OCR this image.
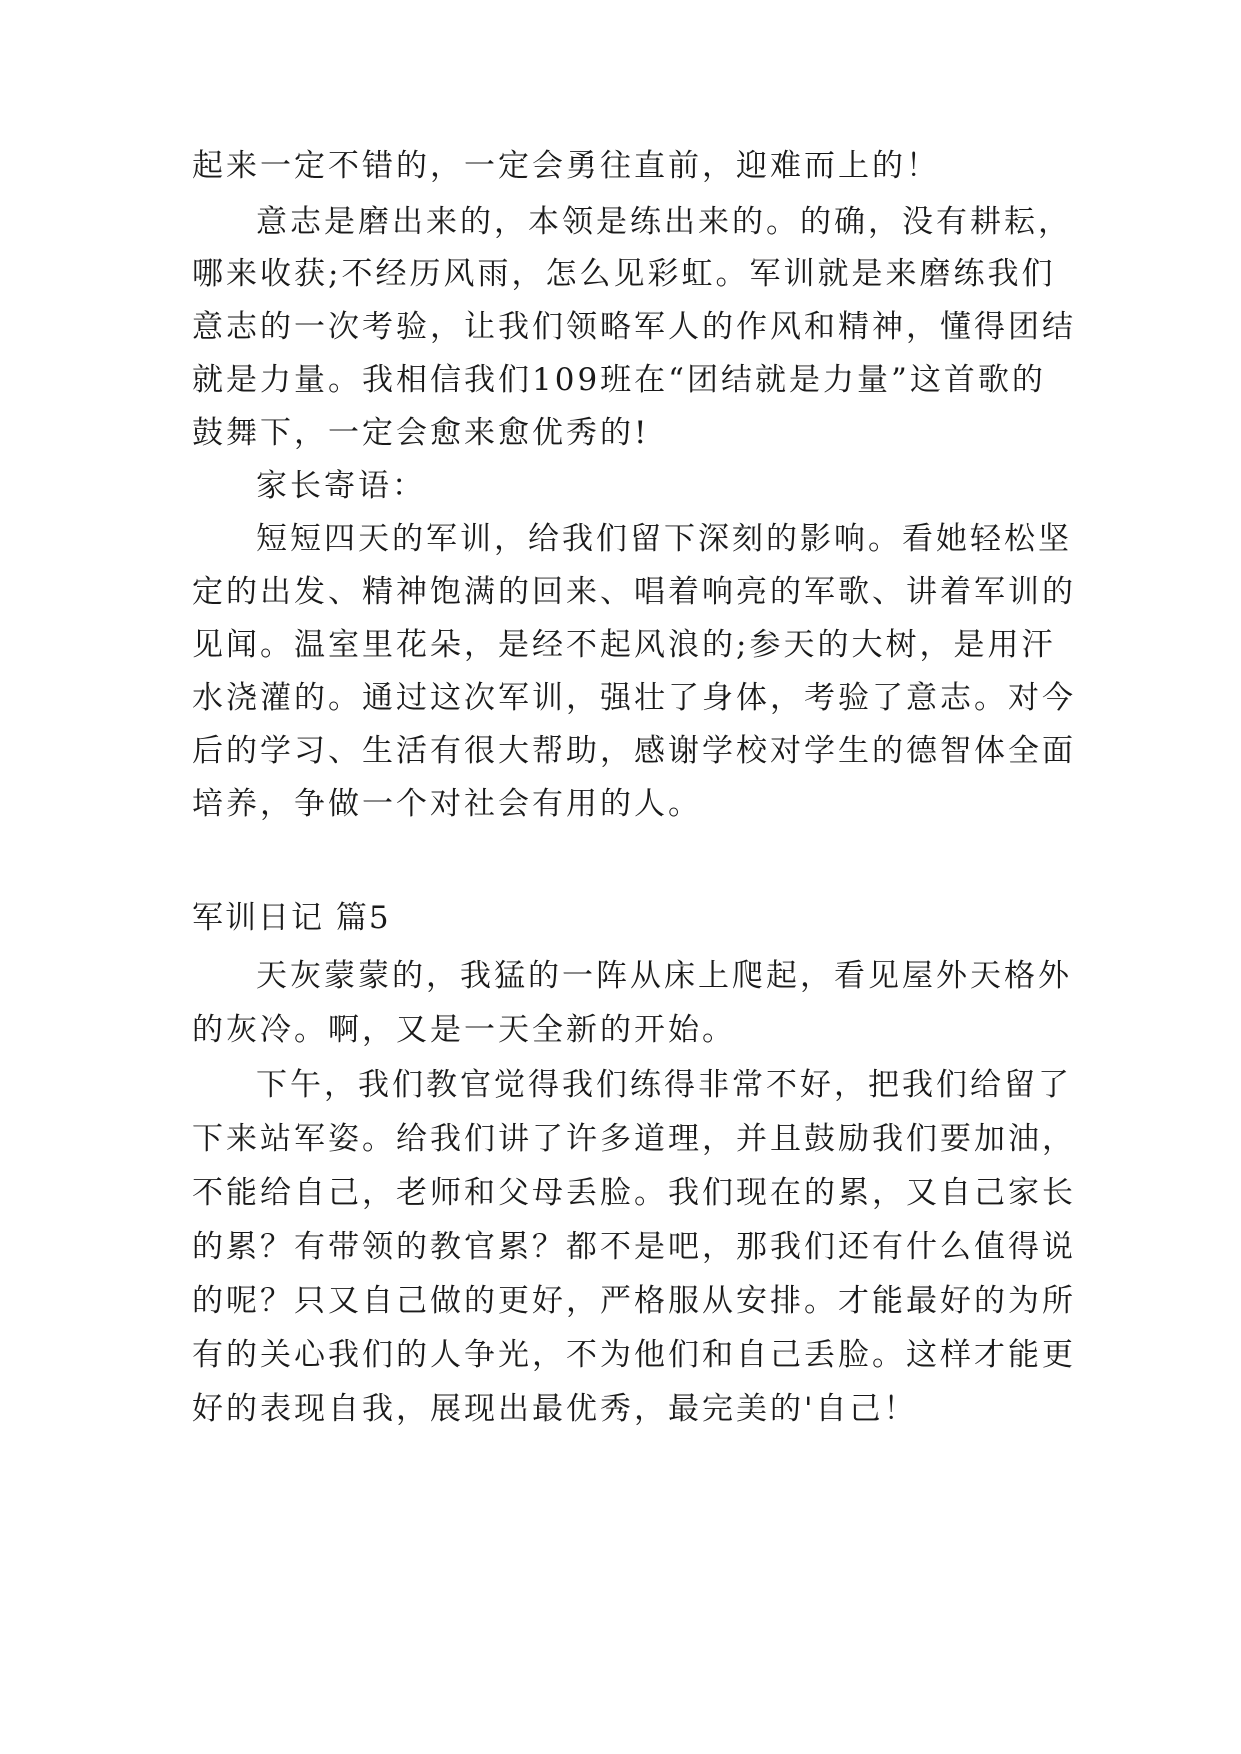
起来一定不错的，一定会勇往直前，迎难而上的！
意志是磨出来的，本领是练出来的。的确，没有耕耘，
哪来收获;不经历风雨，怎么见彩虹。军训就是来磨练我们
意志的一次考验，让我们领略军人的作风和精神，懂得团结
就是力量。我相信我们109班在“团结就是力量”这首歌的
鼓舞下，一定会愈来愈优秀的!
家长寄语：
短短四天的军训，给我们留下深刻的影响。看她轻松坚
定的出发、精神饱满的回来、唱着响亮的军歌、讲着军训的
见闻。温室里花朵，是经不起风浪的;参天的大树，是用汗
水浇灌的。通过这次军训，强壮了身体，考验了意志。对今
后的学习、生活有很大帮助，感谢学校对学生的德智体全面
培养，争做一个对社会有用的人。
军训日记 篇5
天灰蒙蒙的，我猛的一阵从床上爬起，看见屋外天格外
的灰冷。啊，又是一天全新的开始。
下午，我们教官觉得我们练得非常不好，把我们给留了
下来站军姿。给我们讲了许多道理，并且鼓励我们要加油，
不能给自己，老师和父母丢脸。我们现在的累，又自己家长
的累？有带领的教官累？都不是吧，那我们还有什么值得说
的呢？只又自己做的更好，严格服从安排。才能最好的为所
有的关心我们的人争光，不为他们和自己丢脸。这样才能更
好的表现自我，展现出最优秀，最完美的'自己！
